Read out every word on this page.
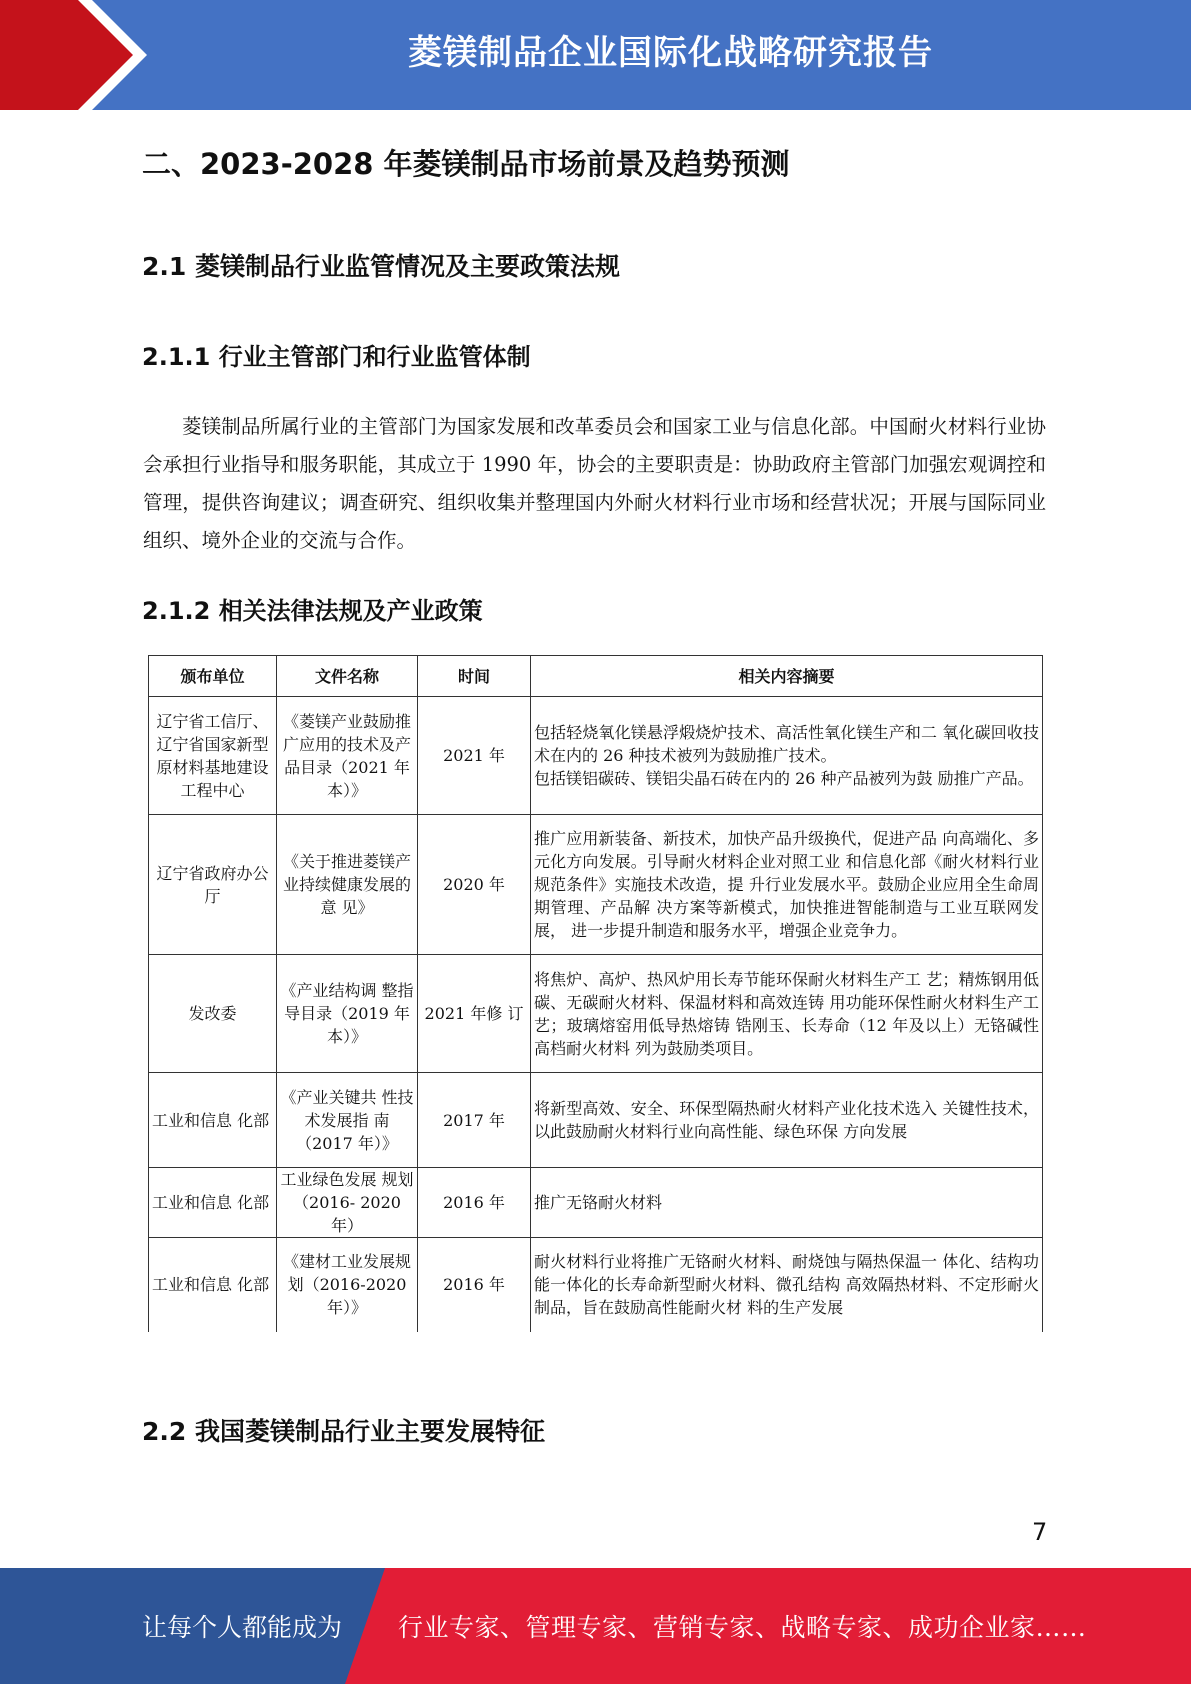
菱镁制品企业国际化战略研究报告
二、2023-2028 年菱镁制品市场前景及趋势预测
2.1 菱镁制品行业监管情况及主要政策法规
2.1.1 行业主管部门和行业监管体制

菱镁制品所属行业的主管部门为国家发展和改革委员会和国家工业与信息化部。中国耐火材料行业协会承担行业指导和服务职能，其成立于 1990 年，协会的主要职责是：协助政府主管部门加强宏观调控和管理，提供咨询建议；调查研究、组织收集并整理国内外耐火材料行业市场和经营状况；开展与国际同业组织、境外企业的交流与合作。

2.1.2 相关法律法规及产业政策
颁布单位	文件名称	时间	相关内容摘要
辽宁省工信厅、辽宁省国家新型原材料基地建设工程中心	《菱镁产业鼓励推广应用的技术及产品目录（2021 年本）》	2021 年	包括轻烧氧化镁悬浮煅烧炉技术、高活性氧化镁生产和二 氧化碳回收技术在内的 26 种技术被列为鼓励推广技术。
包括镁铝碳砖、镁铝尖晶石砖在内的 26 种产品被列为鼓 励推广产品。

辽宁省政府办公厅	《关于推进菱镁产业持续健康发展的意 见》	2020 年	推广应用新装备、新技术，加快产品升级换代，促进产品 向高端化、多元化方向发展。引导耐火材料企业对照工业 和信息化部《耐火材料行业规范条件》实施技术改造，提 升行业发展水平。鼓励企业应用全生命周期管理、产品解 决方案等新模式，加快推进智能制造与工业互联网发展， 进一步提升制造和服务水平，增强企业竞争力。
发改委	《产业结构调 整指导目录（2019 年本）》	2021 年修 订	将焦炉、高炉、热风炉用长寿节能环保耐火材料生产工 艺；精炼钢用低碳、无碳耐火材料、保温材料和高效连铸 用功能环保性耐火材料生产工艺；玻璃熔窑用低导热熔铸 锆刚玉、长寿命（12 年及以上）无铬碱性高档耐火材料 列为鼓励类项目。
工业和信息 化部	《产业关键共 性技术发展指 南（2017 年）》	2017 年	将新型高效、安全、环保型隔热耐火材料产业化技术选入 关键性技术，以此鼓励耐火材料行业向高性能、绿色环保 方向发展
工业和信息 化部	工业绿色发展 规划（2016- 2020 年）	2016 年	推广无铬耐火材料
工业和信息 化部	《建材工业发展规划（2016-2020 年）》	2016 年	耐火材料行业将推广无铬耐火材料、耐烧蚀与隔热保温一 体化、结构功能一体化的长寿命新型耐火材料、微孔结构 高效隔热材料、不定形耐火制品，旨在鼓励高性能耐火材 料的生产发展
2.2 我国菱镁制品行业主要发展特征
7
让每个人都能成为 行业专家、管理专家、营销专家、战略专家、成功企业家……
